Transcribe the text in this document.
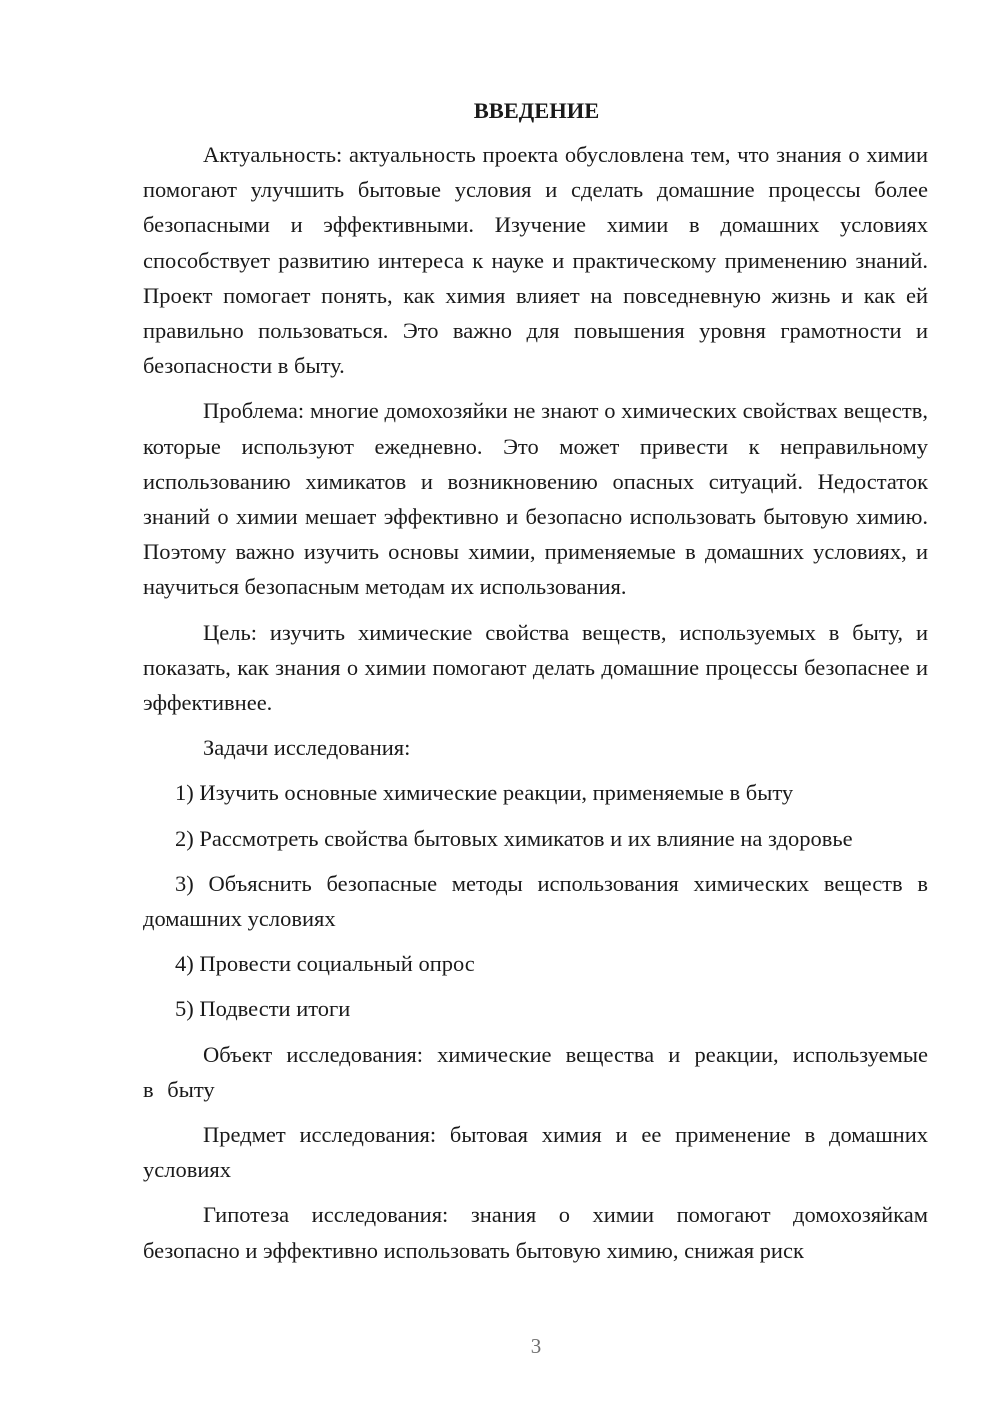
ВВЕДЕНИЕ

Актуальность: актуальность проекта обусловлена тем, что знания о химии помогают улучшить бытовые условия и сделать домашние процессы более безопасными и эффективными. Изучение химии в домашних условиях способствует развитию интереса к науке и практическому применению знаний. Проект помогает понять, как химия влияет на повседневную жизнь и как ей правильно пользоваться. Это важно для повышения уровня грамотности и безопасности в быту.

Проблема: многие домохозяйки не знают о химических свойствах веществ, которые используют ежедневно. Это может привести к неправильному использованию химикатов и возникновению опасных ситуаций. Недостаток знаний о химии мешает эффективно и безопасно использовать бытовую химию. Поэтому важно изучить основы химии, применяемые в домашних условиях, и научиться безопасным методам их использования.

Цель: изучить химические свойства веществ, используемых в быту, и показать, как знания о химии помогают делать домашние процессы безопаснее и эффективнее.

Задачи исследования:

1) Изучить основные химические реакции, применяемые в быту

2) Рассмотреть свойства бытовых химикатов и их влияние на здоровье

3) Объяснить безопасные методы использования химических веществ в домашних условиях

4) Провести социальный опрос

5) Подвести итоги

Объект исследования: химические вещества и реакции, используемые в быту

Предмет исследования: бытовая химия и ее применение в домашних условиях

Гипотеза исследования: знания о химии помогают домохозяйкам безопасно и эффективно использовать бытовую химию, снижая риск

3
